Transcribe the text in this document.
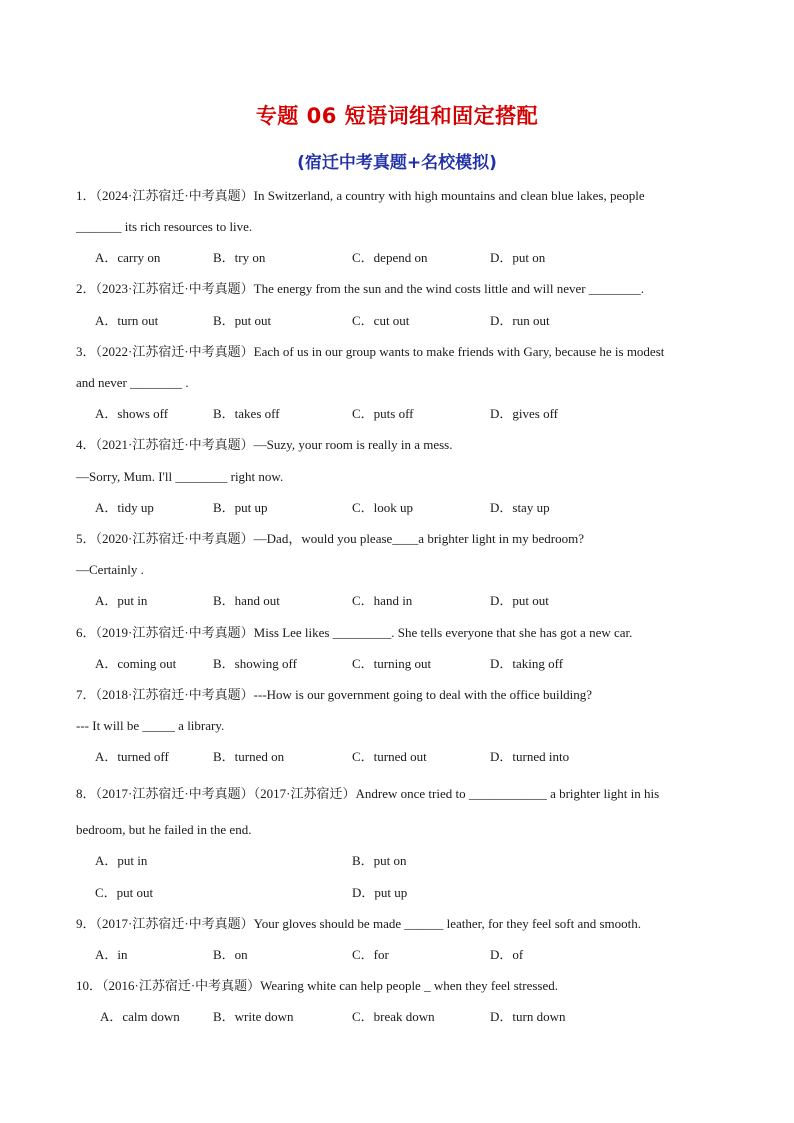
专题 06 短语词组和固定搭配
(宿迁中考真题+名校模拟)
1．（2024·江苏宿迁·中考真题）In Switzerland, a country with high mountains and clean blue lakes, people
_______ its rich resources to live.
A．carry on	B．try on	C．depend on	D．put on
2．（2023·江苏宿迁·中考真题）The energy from the sun and the wind costs little and will never ________.
A．turn out	B．put out	C．cut out	D．run out
3．（2022·江苏宿迁·中考真题）Each of us in our group wants to make friends with Gary, because he is modest
and never ________ .
A．shows off	B．takes off	C．puts off	D．gives off
4．（2021·江苏宿迁·中考真题）—Suzy, your room is really in a mess.
—Sorry, Mum. I'll ________ right now.
A．tidy up	B．put up	C．look up	D．stay up
5．（2020·江苏宿迁·中考真题）—Dad，would you please____a brighter light in my bedroom?
—Certainly .
A．put in	B．hand out	C．hand in	D．put out
6．（2019·江苏宿迁·中考真题）Miss Lee likes _________. She tells everyone that she has got a new car.
A．coming out	B．showing off	C．turning out	D．taking off
7．（2018·江苏宿迁·中考真题）---How is our government going to deal with the office building?
--- It will be _____ a library.
A．turned off	B．turned on	C．turned out	D．turned into
8．（2017·江苏宿迁·中考真题）（2017·江苏宿迁）Andrew once tried to ____________ a brighter light in his
bedroom, but he failed in the end.
A．put in	B．put on
C．put out	D．put up
9．（2017·江苏宿迁·中考真题）Your gloves should be made ______ leather, for they feel soft and smooth.
A．in	B．on	C．for	D．of
10．（2016·江苏宿迁·中考真题）Wearing white can help people _ when they feel stressed.
A．calm down	B．write down	C．break down	D．turn down
